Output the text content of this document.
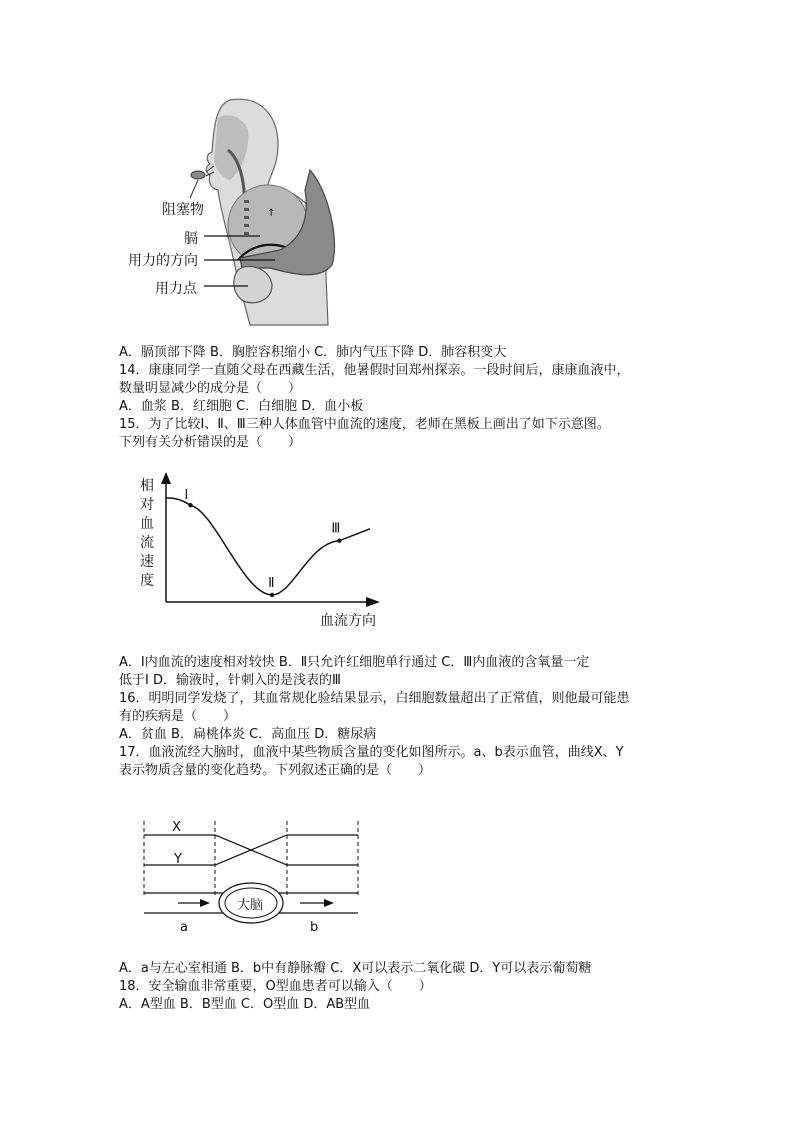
↑
阻塞物
膈
用力的方向
用力点
A．膈顶部下降 B．胸腔容积缩小 C．肺内气压下降 D．肺容积变大
14．康康同学一直随父母在西藏生活，他暑假时回郑州探亲。一段时间后，康康血液中，
数量明显减少的成分是（　　）
A．血浆 B．红细胞 C．白细胞 D．血小板
15．为了比较Ⅰ、Ⅱ、Ⅲ三种人体血管中血流的速度，老师在黑板上画出了如下示意图。
下列有关分析错误的是（　　）
Ⅰ
Ⅱ
Ⅲ
相
对
血
流
速
度
血流方向
A．Ⅰ内血流的速度相对较快 B．Ⅱ只允许红细胞单行通过 C．Ⅲ内血液的含氧量一定
低于Ⅰ D．输液时，针刺入的是浅表的Ⅲ
16．明明同学发烧了，其血常规化验结果显示，白细胞数量超出了正常值，则他最可能患
有的疾病是（　　）
A．贫血 B．扁桃体炎 C．高血压 D．糖尿病
17．血液流经大脑时，血液中某些物质含量的变化如图所示。a、b表示血管，曲线X、Y
表示物质含量的变化趋势。下列叙述正确的是（　　）
X
Y
大脑
a	b
A．a与左心室相通 B．b中有静脉瓣 C．X可以表示二氧化碳 D．Y可以表示葡萄糖
18．安全输血非常重要，O型血患者可以输入（　　）
A．A型血 B．B型血 C．O型血 D．AB型血
